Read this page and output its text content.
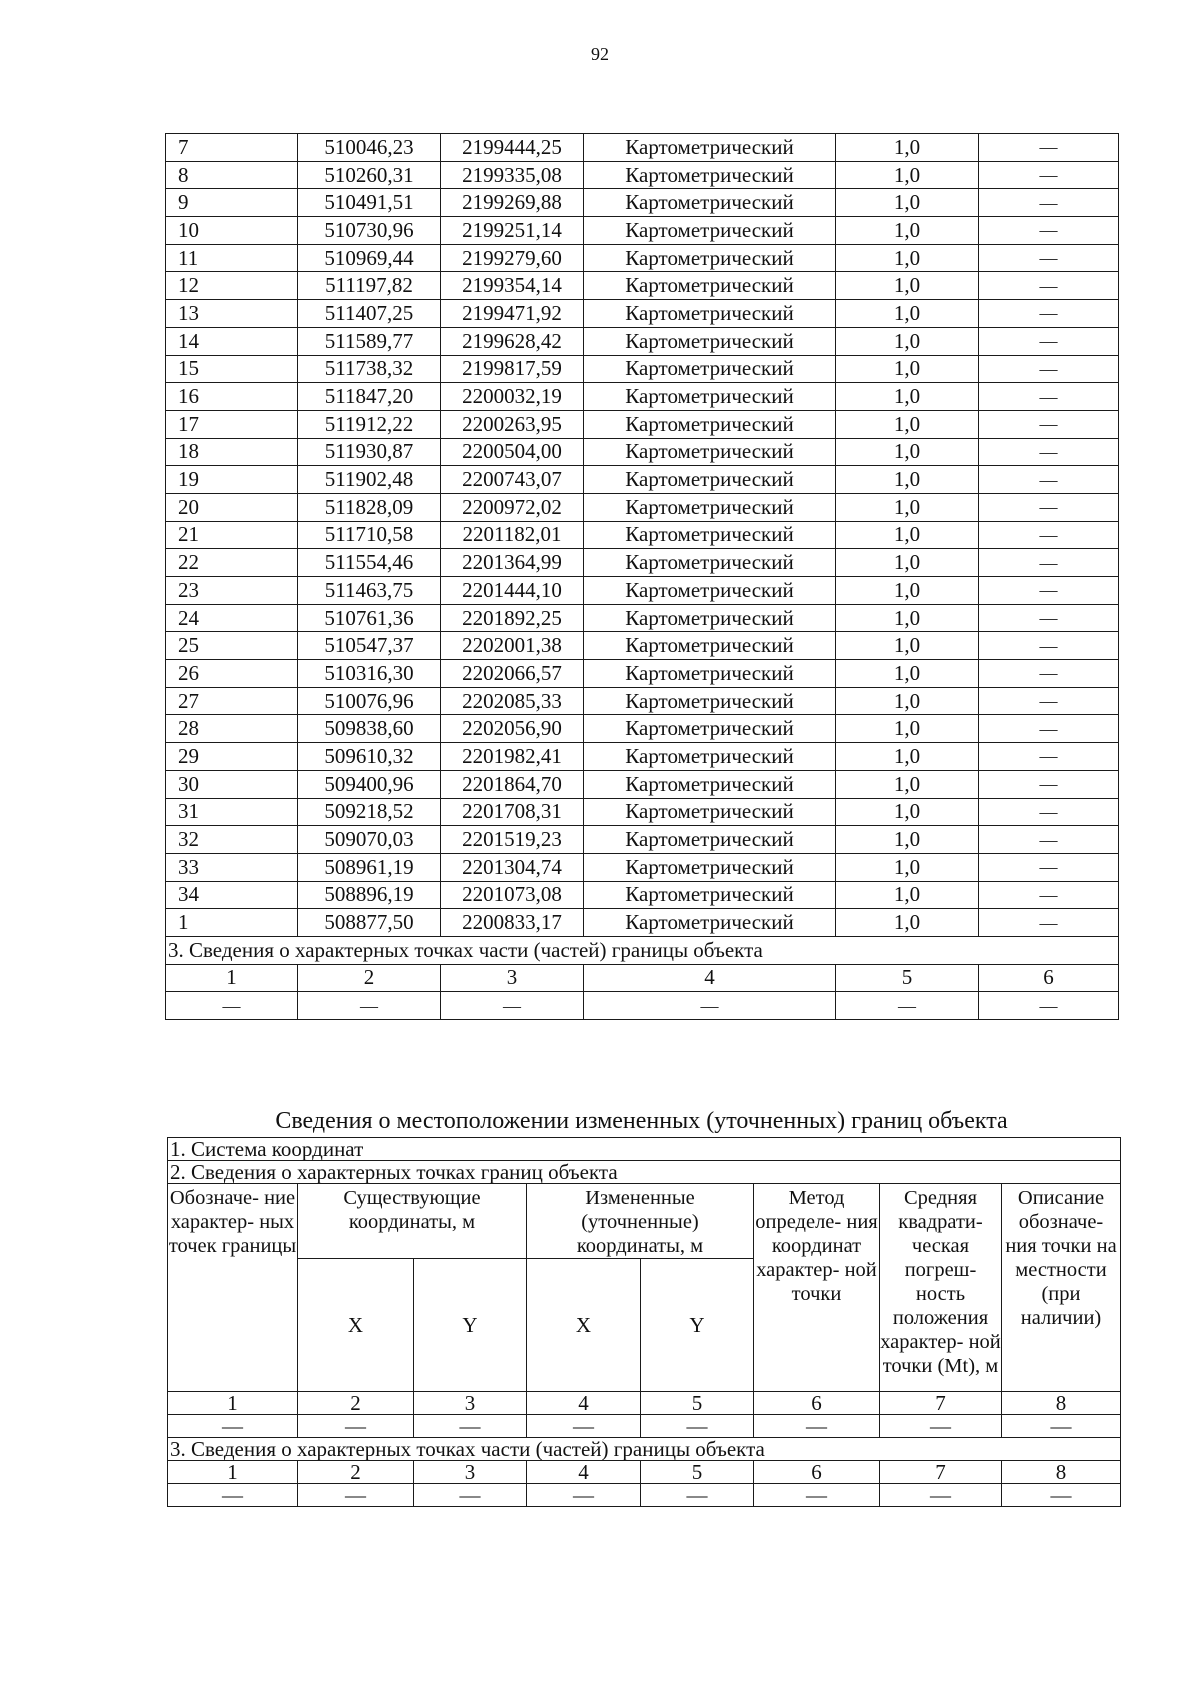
92
7	510046,23	2199444,25	Картометрический	1,0	—
8	510260,31	2199335,08	Картометрический	1,0	—
9	510491,51	2199269,88	Картометрический	1,0	—
10	510730,96	2199251,14	Картометрический	1,0	—
11	510969,44	2199279,60	Картометрический	1,0	—
12	511197,82	2199354,14	Картометрический	1,0	—
13	511407,25	2199471,92	Картометрический	1,0	—
14	511589,77	2199628,42	Картометрический	1,0	—
15	511738,32	2199817,59	Картометрический	1,0	—
16	511847,20	2200032,19	Картометрический	1,0	—
17	511912,22	2200263,95	Картометрический	1,0	—
18	511930,87	2200504,00	Картометрический	1,0	—
19	511902,48	2200743,07	Картометрический	1,0	—
20	511828,09	2200972,02	Картометрический	1,0	—
21	511710,58	2201182,01	Картометрический	1,0	—
22	511554,46	2201364,99	Картометрический	1,0	—
23	511463,75	2201444,10	Картометрический	1,0	—
24	510761,36	2201892,25	Картометрический	1,0	—
25	510547,37	2202001,38	Картометрический	1,0	—
26	510316,30	2202066,57	Картометрический	1,0	—
27	510076,96	2202085,33	Картометрический	1,0	—
28	509838,60	2202056,90	Картометрический	1,0	—
29	509610,32	2201982,41	Картометрический	1,0	—
30	509400,96	2201864,70	Картометрический	1,0	—
31	509218,52	2201708,31	Картометрический	1,0	—
32	509070,03	2201519,23	Картометрический	1,0	—
33	508961,19	2201304,74	Картометрический	1,0	—
34	508896,19	2201073,08	Картометрический	1,0	—
1	508877,50	2200833,17	Картометрический	1,0	—
3. Сведения о характерных точках части (частей) границы объекта					
1	2	3	4	5	6
—	—	—	—	—	—
Сведения о местоположении измененных (уточненных) границ объекта
1. Система координат							
2. Сведения о характерных точках границ объекта							
Обозначе- ние характер- ных точек границы	Существующие координаты, м		Измененные (уточненные) координаты, м		Метод определе- ния координат характер- ной точки	Средняя квадрати- ческая погреш- ность положения характер- ной точки (Mt), м	Описание обозначе- ния точки на местности (при наличии)
	X	Y	X	Y			
1	2	3	4	5	6	7	8
—	—	—	—	—	—	—	—
3. Сведения о характерных точках части (частей) границы объекта							
1	2	3	4	5	6	7	8
—	—	—	—	—	—	—	—
